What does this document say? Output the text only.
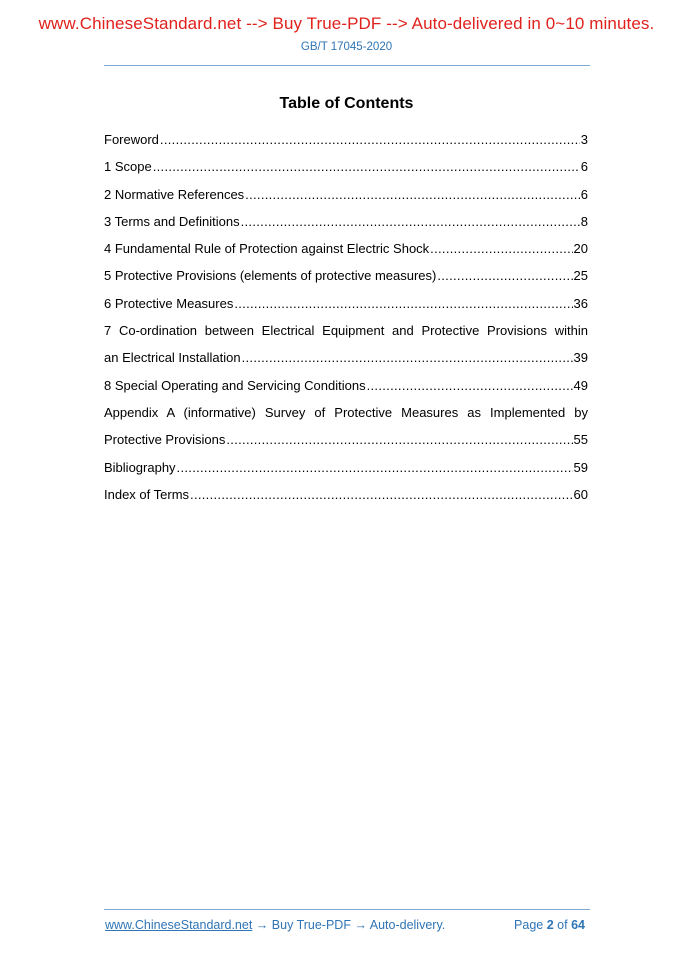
www.ChineseStandard.net --> Buy True-PDF --> Auto-delivered in 0~10 minutes.
GB/T 17045-2020
Table of Contents
Foreword .....	3
1 Scope .....	6
2 Normative References .....	6
3 Terms and Definitions .....	8
4 Fundamental Rule of Protection against Electric Shock .....	20
5 Protective Provisions (elements of protective measures) .....	25
6 Protective Measures .....	36
7 Co-ordination between Electrical Equipment and Protective Provisions within
an Electrical Installation .....	39
8 Special Operating and Servicing Conditions .....	49
Appendix A (informative) Survey of Protective Measures as Implemented by
Protective Provisions .....	55
Bibliography .....	59
Index of Terms .....	60
www.ChineseStandard.net → Buy True-PDF → Auto-delivery.	Page 2 of 64
